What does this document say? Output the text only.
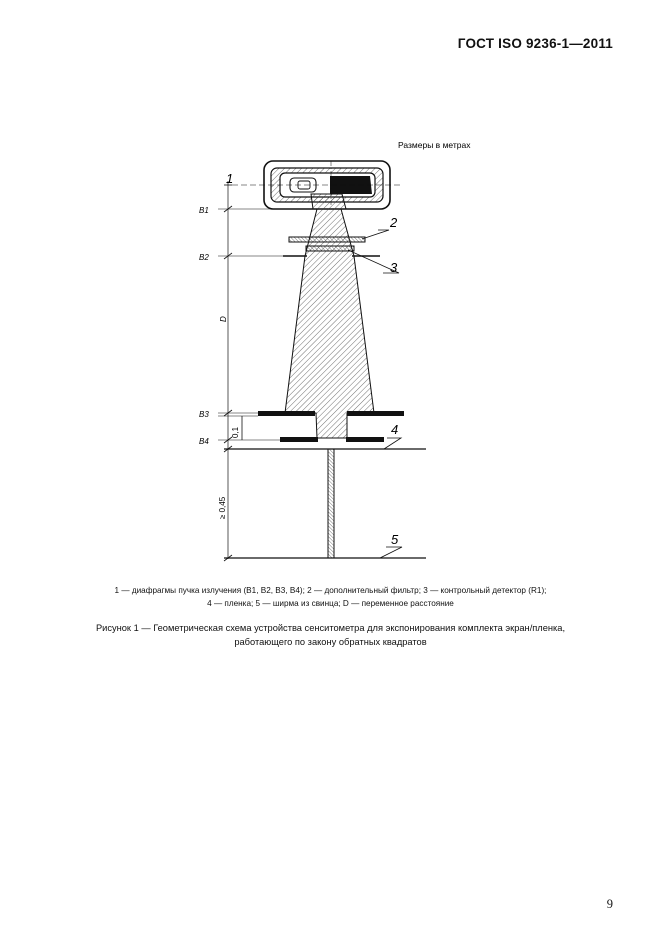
ГОСТ ISO 9236-1—2011
Размеры в метрах
B1
B2
B3
B4
D
0,1
≥ 0,45
1
2
3
4
5
1 — диафрагмы пучка излучения (B1, B2, B3, B4); 2 — дополнительный фильтр; 3 — контрольный детектор (R1);
4 — пленка; 5 — ширма из свинца; D — переменное расстояние
Рисунок 1 — Геометрическая схема устройства сенситометра для экспонирования комплекта экран/пленка,
работающего по закону обратных квадратов
9
